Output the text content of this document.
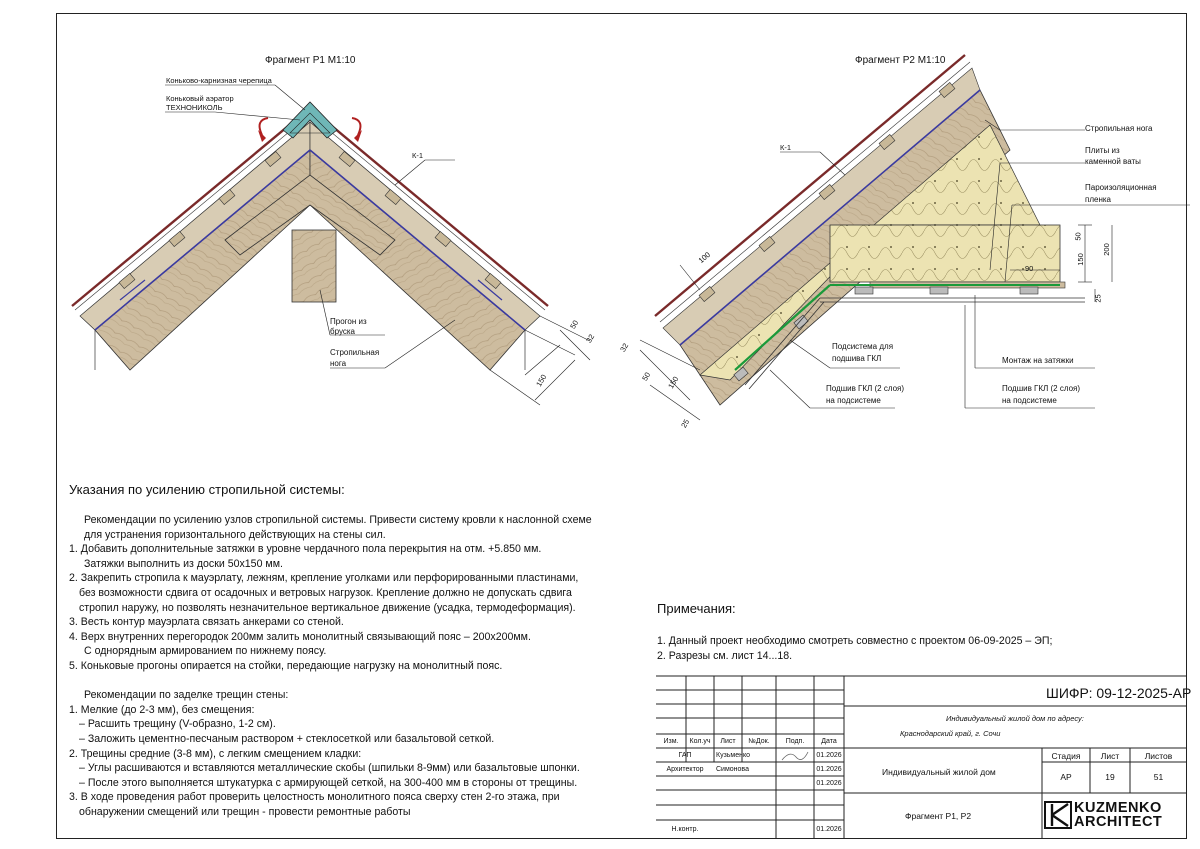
Фрагмент Р1 М1:10
Коньково-карнизная черепица
Коньковый аэратор
ТЕХНОНИКОЛЬ
К-1
Прогон из
бруска
Стропильная
нога
50
32
150
Фрагмент Р2 М1:10
К-1
Стропильная нога
Плиты из
каменной ваты
Пароизоляционная
пленка
Подсистема для
подшива ГКЛ	Монтаж на затяжки
Подшив ГКЛ (2 слоя)
на подсистеме
Подшив ГКЛ (2 слоя)
на подсистеме
100
50
150
200
90
25
32
50 150
25
Указания по усилению стропильной системы:
Рекомендации по усилению узлов стропильной системы. Привести систему кровли к наслонной схеме
для устранения горизонтального действующих на стены сил.
1. Добавить дополнительные затяжки в уровне чердачного пола перекрытия на отм. +5.850 мм.
Затяжки выполнить из доски 50х150 мм.
2. Закрепить стропила к мауэрлату, лежням, крепление уголками или перфорированными пластинами,
без возможности сдвига от осадочных и ветровых нагрузок. Крепление должно не допускать сдвига
стропил наружу, но позволять незначительное вертикальное движение (усадка, термодеформация).
3. Весть контур мауэрлата связать анкерами со стеной.
4. Верх внутренних перегородок 200мм залить монолитный связывающий пояс – 200х200мм.
С однорядным армированием по нижнему поясу.
5. Коньковые прогоны опирается на стойки, передающие нагрузку на монолитный пояс.

Рекомендации по заделке трещин стены:
1. Мелкие (до 2-3 мм), без смещения:
– Расшить трещину (V-образно, 1-2 см).
– Заложить цементно-песчаным раствором + стеклосеткой или базальтовой сеткой.
2. Трещины средние (3-8 мм), с легким смещением кладки:
– Углы расшиваются и вставляются металлические скобы (шпильки 8-9мм) или базальтовые шпонки.
– После этого выполняется штукатурка с армирующей сеткой, на 300-400 мм в стороны от трещины.
3. В ходе проведения работ проверить целостность монолитного пояса сверху стен 2-го этажа, при
обнаружении смещений или трещин - провести ремонтные работы
Примечания:
1. Данный проект необходимо смотреть совместно с проектом 06-09-2025 – ЭП;
2. Разрезы см. лист 14...18.
ШИФР: 09-12-2025-АР
Индивидуальный жилой дом по адресу:
Краснодарский край, г. Сочи
Изм.	Кол.уч	Лист	№Док.	Подп.	Дата
ГАП	Кузьменко	01.2026
Архитектор	Симонова	01.2026
01.2026
Н.контр.	01.2026
Индивидуальный жилой дом
Фрагмент Р1, Р2
Стадия	Лист	Листов
АР	19	51
KUZMENKO
ARCHITECT
